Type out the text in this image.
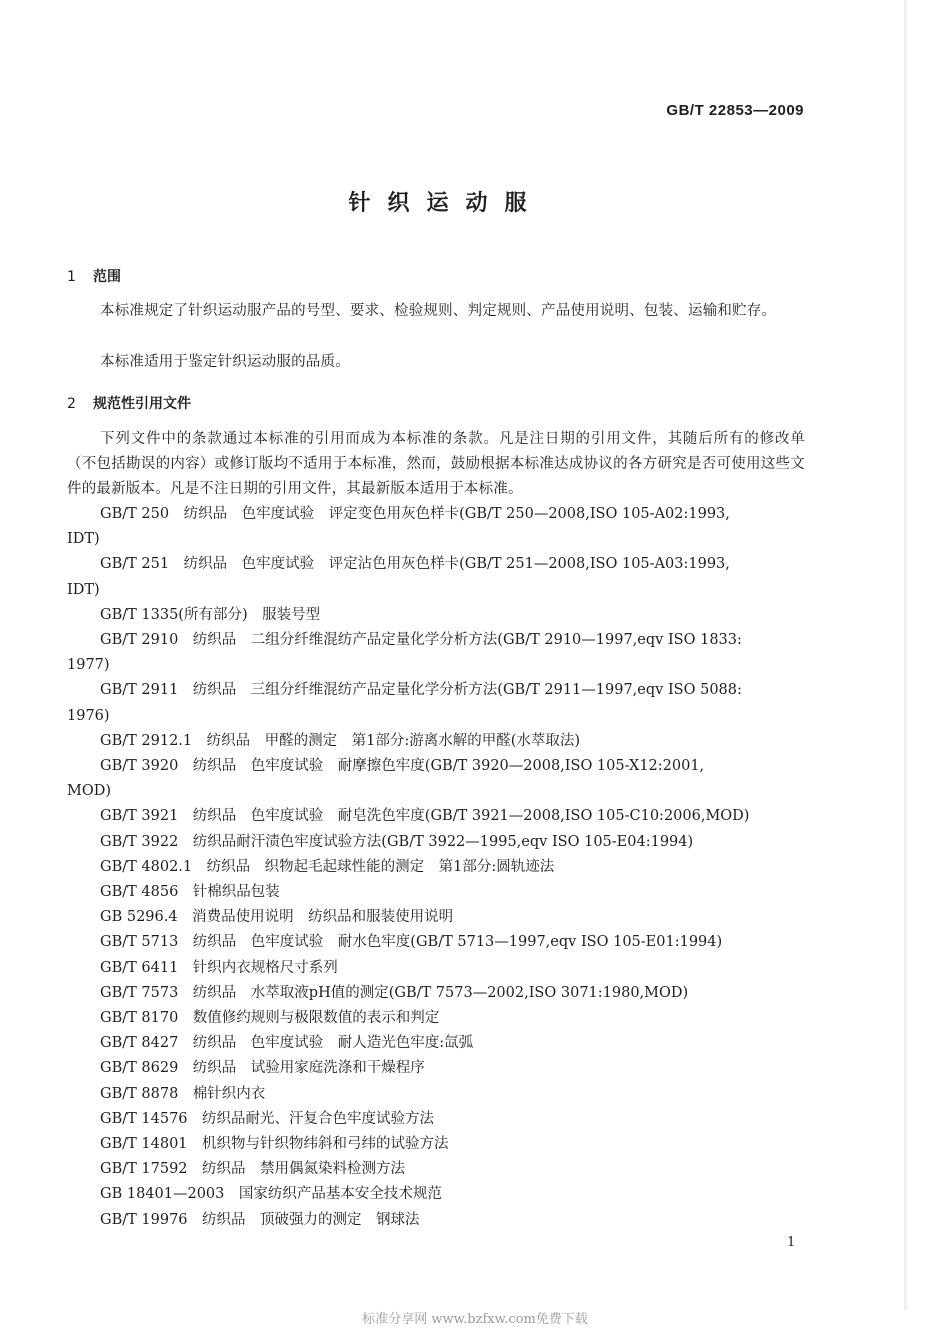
GB/T 22853—2009
针织运动服
1 范围

本标准规定了针织运动服产品的号型、要求、检验规则、判定规则、产品使用说明、包装、运输和贮存。

本标准适用于鉴定针织运动服的品质。

2 规范性引用文件

下列文件中的条款通过本标准的引用而成为本标准的条款。凡是注日期的引用文件，其随后所有的修改单（不包括勘误的内容）或修订版均不适用于本标准，然而，鼓励根据本标准达成协议的各方研究是否可使用这些文件的最新版本。凡是不注日期的引用文件，其最新版本适用于本标准。

GB/T 250　纺织品　色牢度试验　评定变色用灰色样卡(GB/T 250—2008,ISO 105-A02:1993,
IDT)
GB/T 251　纺织品　色牢度试验　评定沾色用灰色样卡(GB/T 251—2008,ISO 105-A03:1993,
IDT)
GB/T 1335(所有部分)　服装号型
GB/T 2910　纺织品　二组分纤维混纺产品定量化学分析方法(GB/T 2910—1997,eqv ISO 1833:
1977)
GB/T 2911　纺织品　三组分纤维混纺产品定量化学分析方法(GB/T 2911—1997,eqv ISO 5088:
1976)
GB/T 2912.1　纺织品　甲醛的测定　第1部分:游离水解的甲醛(水萃取法)
GB/T 3920　纺织品　色牢度试验　耐摩擦色牢度(GB/T 3920—2008,ISO 105-X12:2001,
MOD)
GB/T 3921　纺织品　色牢度试验　耐皂洗色牢度(GB/T 3921—2008,ISO 105-C10:2006,MOD)
GB/T 3922　纺织品耐汗渍色牢度试验方法(GB/T 3922—1995,eqv ISO 105-E04:1994)
GB/T 4802.1　纺织品　织物起毛起球性能的测定　第1部分:圆轨迹法
GB/T 4856　针棉织品包装
GB 5296.4　消费品使用说明　纺织品和服装使用说明
GB/T 5713　纺织品　色牢度试验　耐水色牢度(GB/T 5713—1997,eqv ISO 105-E01:1994)
GB/T 6411　针织内衣规格尺寸系列
GB/T 7573　纺织品　水萃取液pH值的测定(GB/T 7573—2002,ISO 3071:1980,MOD)
GB/T 8170　数值修约规则与极限数值的表示和判定
GB/T 8427　纺织品　色牢度试验　耐人造光色牢度:氙弧
GB/T 8629　纺织品　试验用家庭洗涤和干燥程序
GB/T 8878　棉针织内衣
GB/T 14576　纺织品耐光、汗复合色牢度试验方法
GB/T 14801　机织物与针织物纬斜和弓纬的试验方法
GB/T 17592　纺织品　禁用偶氮染料检测方法
GB 18401—2003　国家纺织产品基本安全技术规范
GB/T 19976　纺织品　顶破强力的测定　钢球法
1
标准分享网 www.bzfxw.com免费下载
